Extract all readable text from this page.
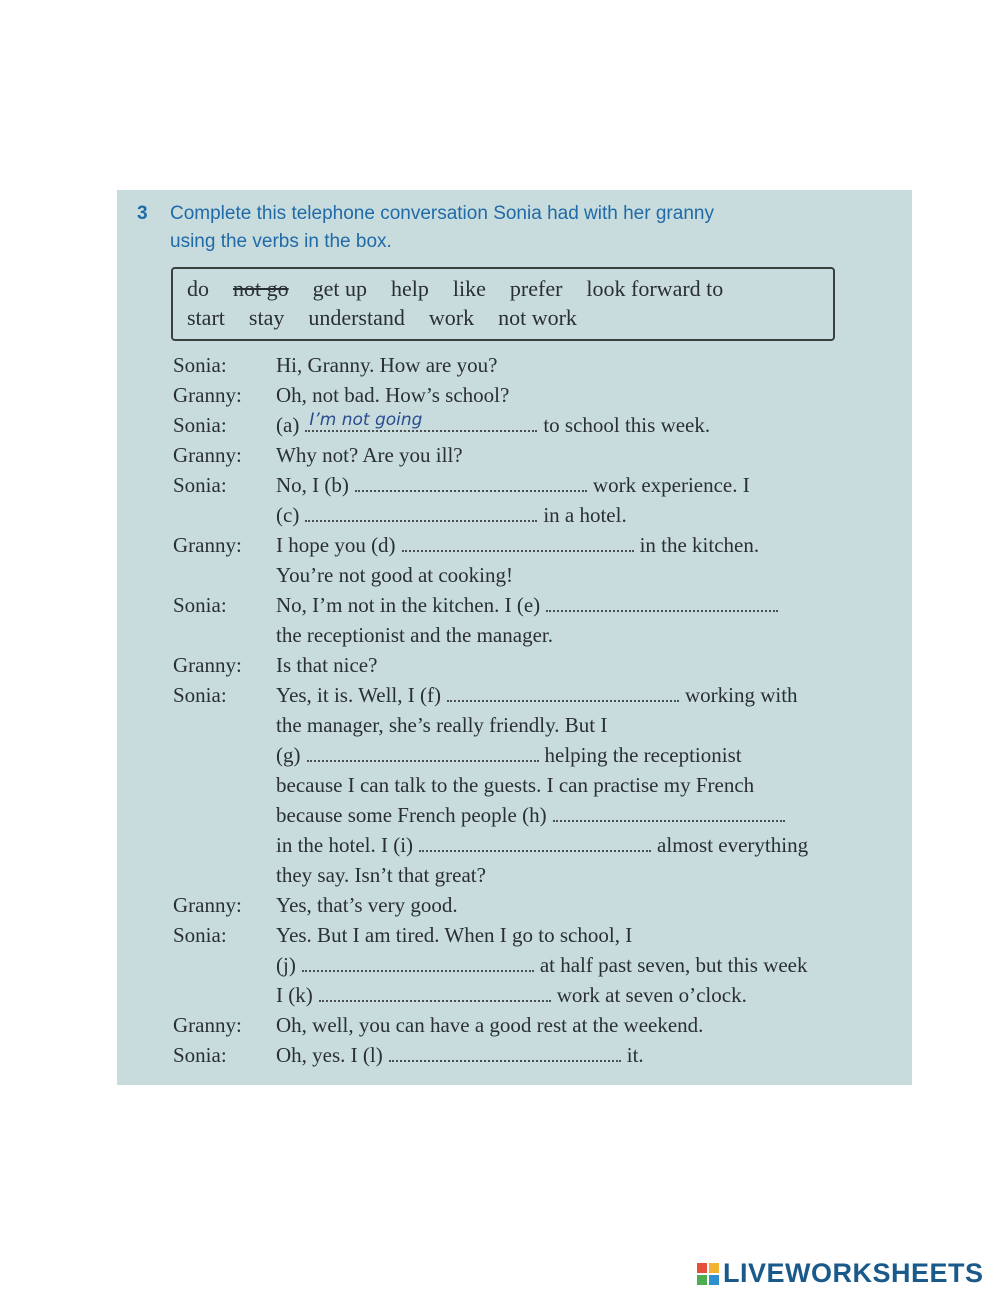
3	Complete this telephone conversation Sonia had with her granny
using the verbs in the box.
do not go get up help like prefer look forward to
start stay understand work not work
Sonia: Hi, Granny. How are you?
Granny: Oh, not bad. How’s school?
Sonia: (a) I’m not going	to school this week.
Granny: Why not? Are you ill?
Sonia: No, I (b)	work experience. I
(c)	in a hotel.
Granny: I hope you (d)	in the kitchen.
You’re not good at cooking!
Sonia: No, I’m not in the kitchen. I (e)
the receptionist and the manager.
Granny: Is that nice?
Sonia: Yes, it is. Well, I (f)	working with
the manager, she’s really friendly. But I
(g)	helping the receptionist
because I can talk to the guests. I can practise my French
because some French people (h)
in the hotel. I (i)	almost everything
they say. Isn’t that great?
Granny: Yes, that’s very good.
Sonia: Yes. But I am tired. When I go to school, I
(j)	at half past seven, but this week
I (k)	work at seven o’clock.
Granny: Oh, well, you can have a good rest at the weekend.
Sonia: Oh, yes. I (l)	it.
LIVEWORKSHEETS
